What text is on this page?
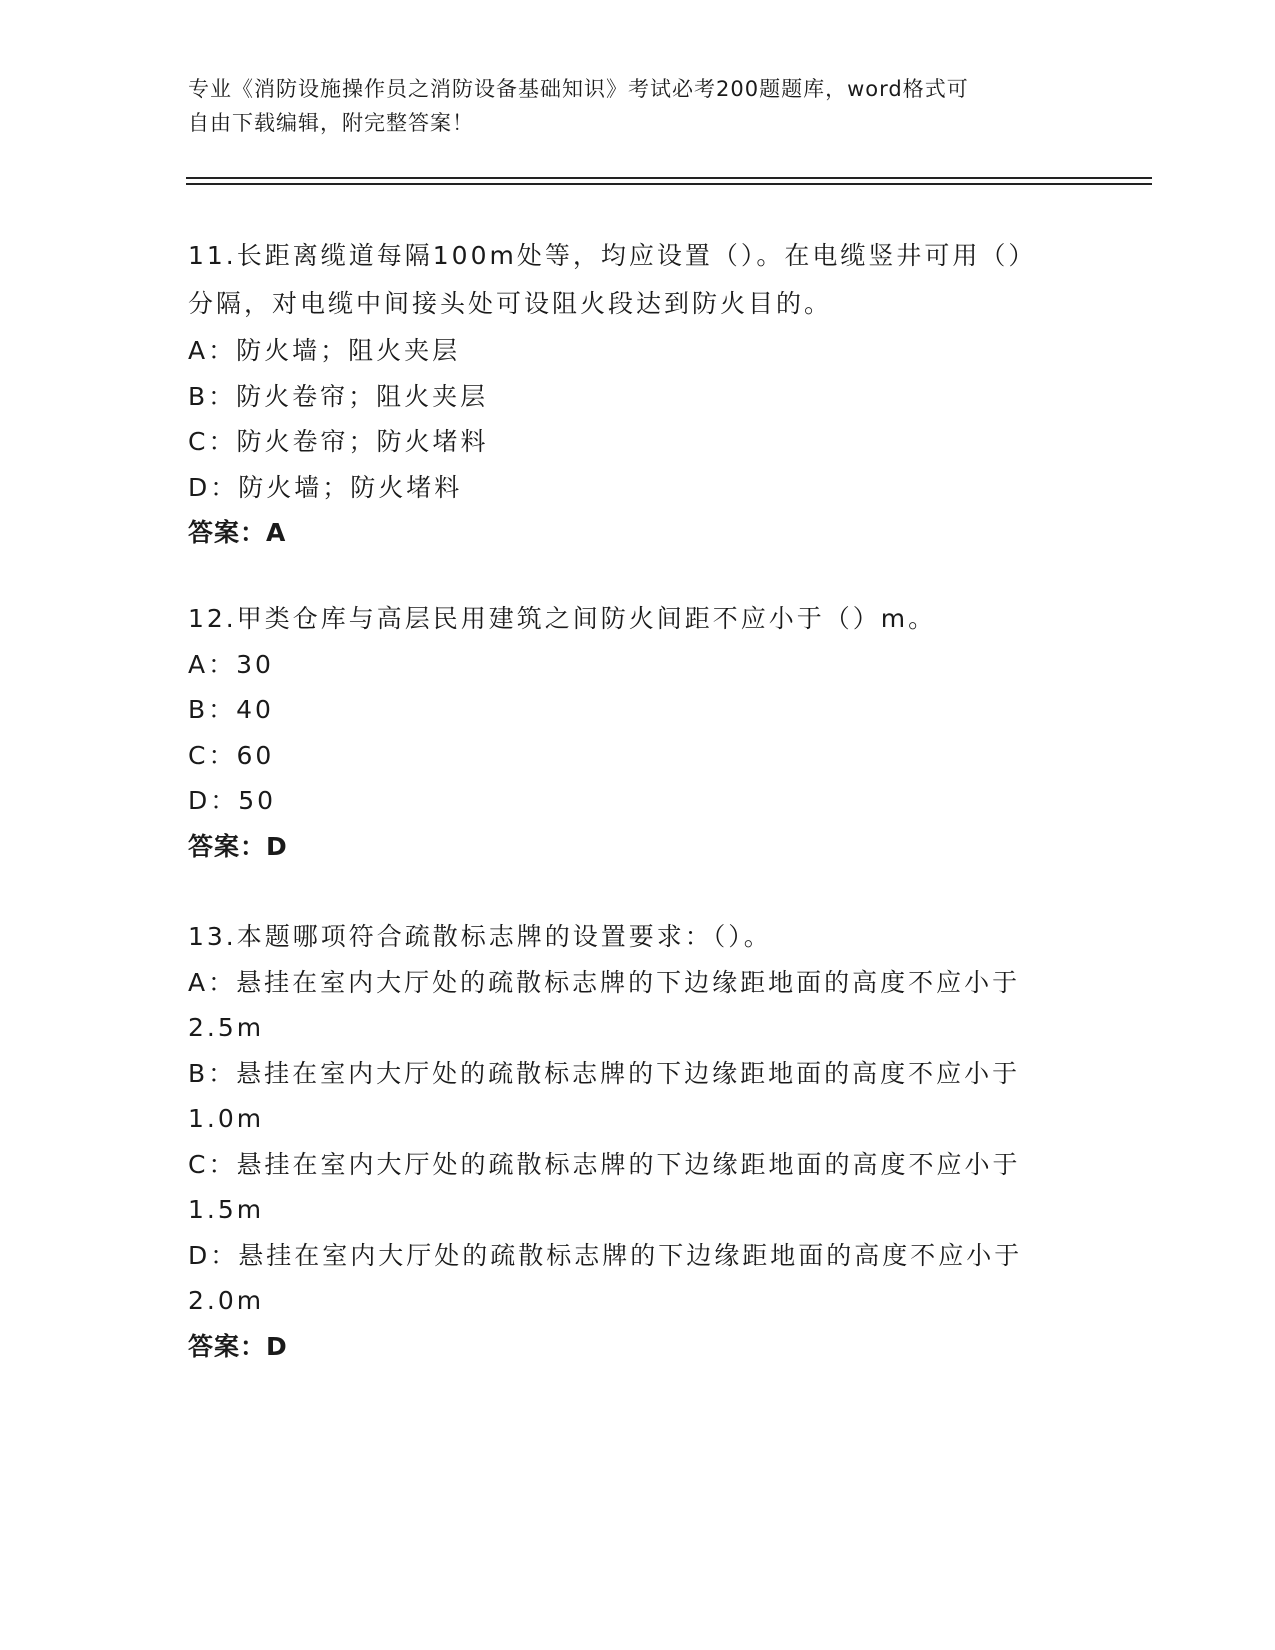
专业《消防设施操作员之消防设备基础知识》考试必考200题题库，word格式可
自由下载编辑，附完整答案！
11.长距离缆道每隔100m处等，均应设置（）。在电缆竖井可用（）分隔，对电缆中间接头处可设阻火段达到防火目的。
A：防火墙；阻火夹层
B：防火卷帘；阻火夹层
C：防火卷帘；防火堵料
D：防火墙；防火堵料
答案：A
12.甲类仓库与高层民用建筑之间防火间距不应小于（）m。
A：30
B：40
C：60
D：50
答案：D
13.本题哪项符合疏散标志牌的设置要求：（）。
A：悬挂在室内大厅处的疏散标志牌的下边缘距地面的高度不应小于2.5m
B：悬挂在室内大厅处的疏散标志牌的下边缘距地面的高度不应小于1.0m
C：悬挂在室内大厅处的疏散标志牌的下边缘距地面的高度不应小于1.5m
D：悬挂在室内大厅处的疏散标志牌的下边缘距地面的高度不应小于2.0m
答案：D
